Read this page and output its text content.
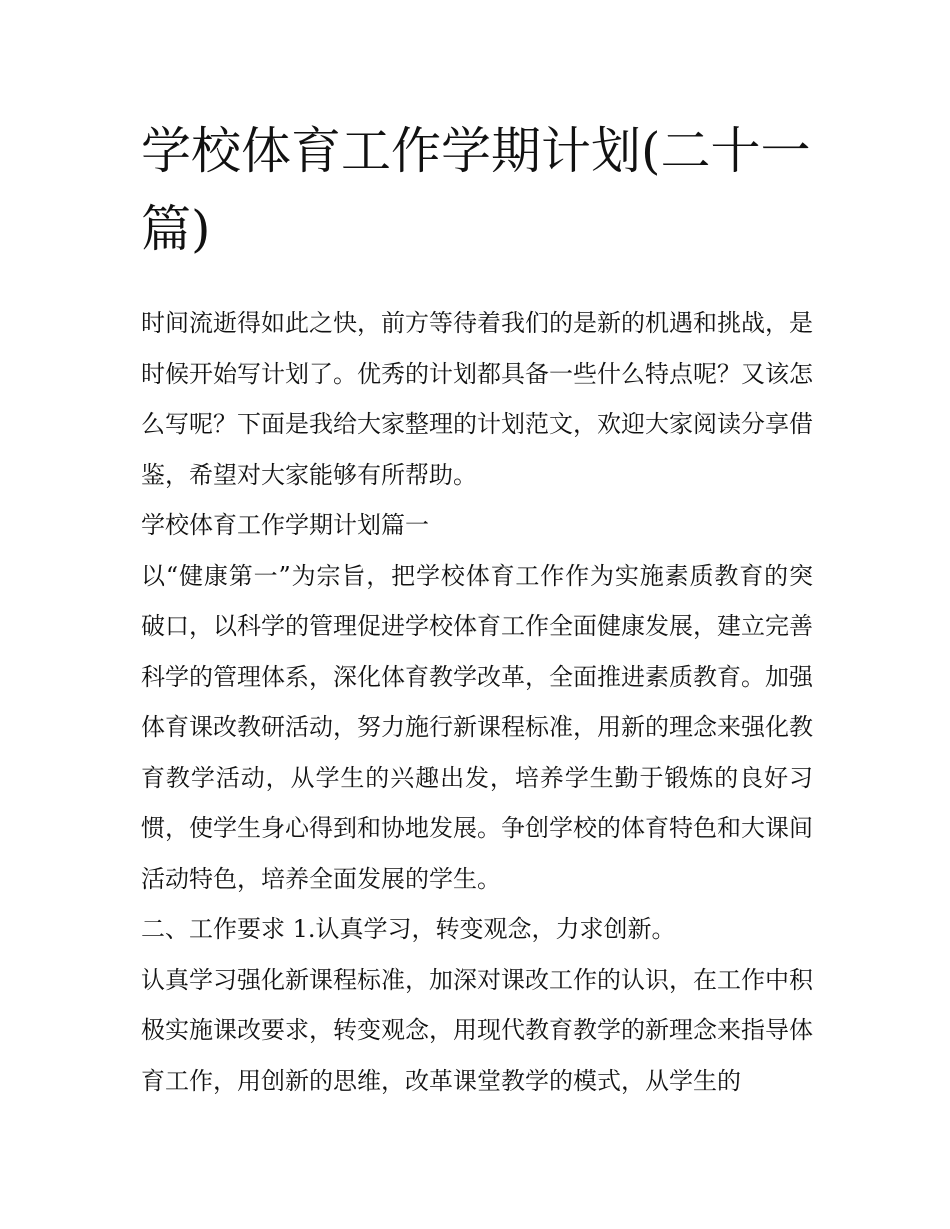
学校体育工作学期计划(二十一篇)

时间流逝得如此之快，前方等待着我们的是新的机遇和挑战，是时候开始写计划了。优秀的计划都具备一些什么特点呢？又该怎么写呢？下面是我给大家整理的计划范文，欢迎大家阅读分享借鉴，希望对大家能够有所帮助。

学校体育工作学期计划篇一

以“健康第一”为宗旨，把学校体育工作作为实施素质教育的突破口，以科学的管理促进学校体育工作全面健康发展，建立完善科学的管理体系，深化体育教学改革，全面推进素质教育。加强体育课改教研活动，努力施行新课程标准，用新的理念来强化教育教学活动，从学生的兴趣出发，培养学生勤于锻炼的良好习惯，使学生身心得到和协地发展。争创学校的体育特色和大课间活动特色，培养全面发展的学生。

二、工作要求 1.认真学习，转变观念，力求创新。

认真学习强化新课程标准，加深对课改工作的认识，在工作中积极实施课改要求，转变观念，用现代教育教学的新理念来指导体育工作，用创新的思维，改革课堂教学的模式，从学生的
